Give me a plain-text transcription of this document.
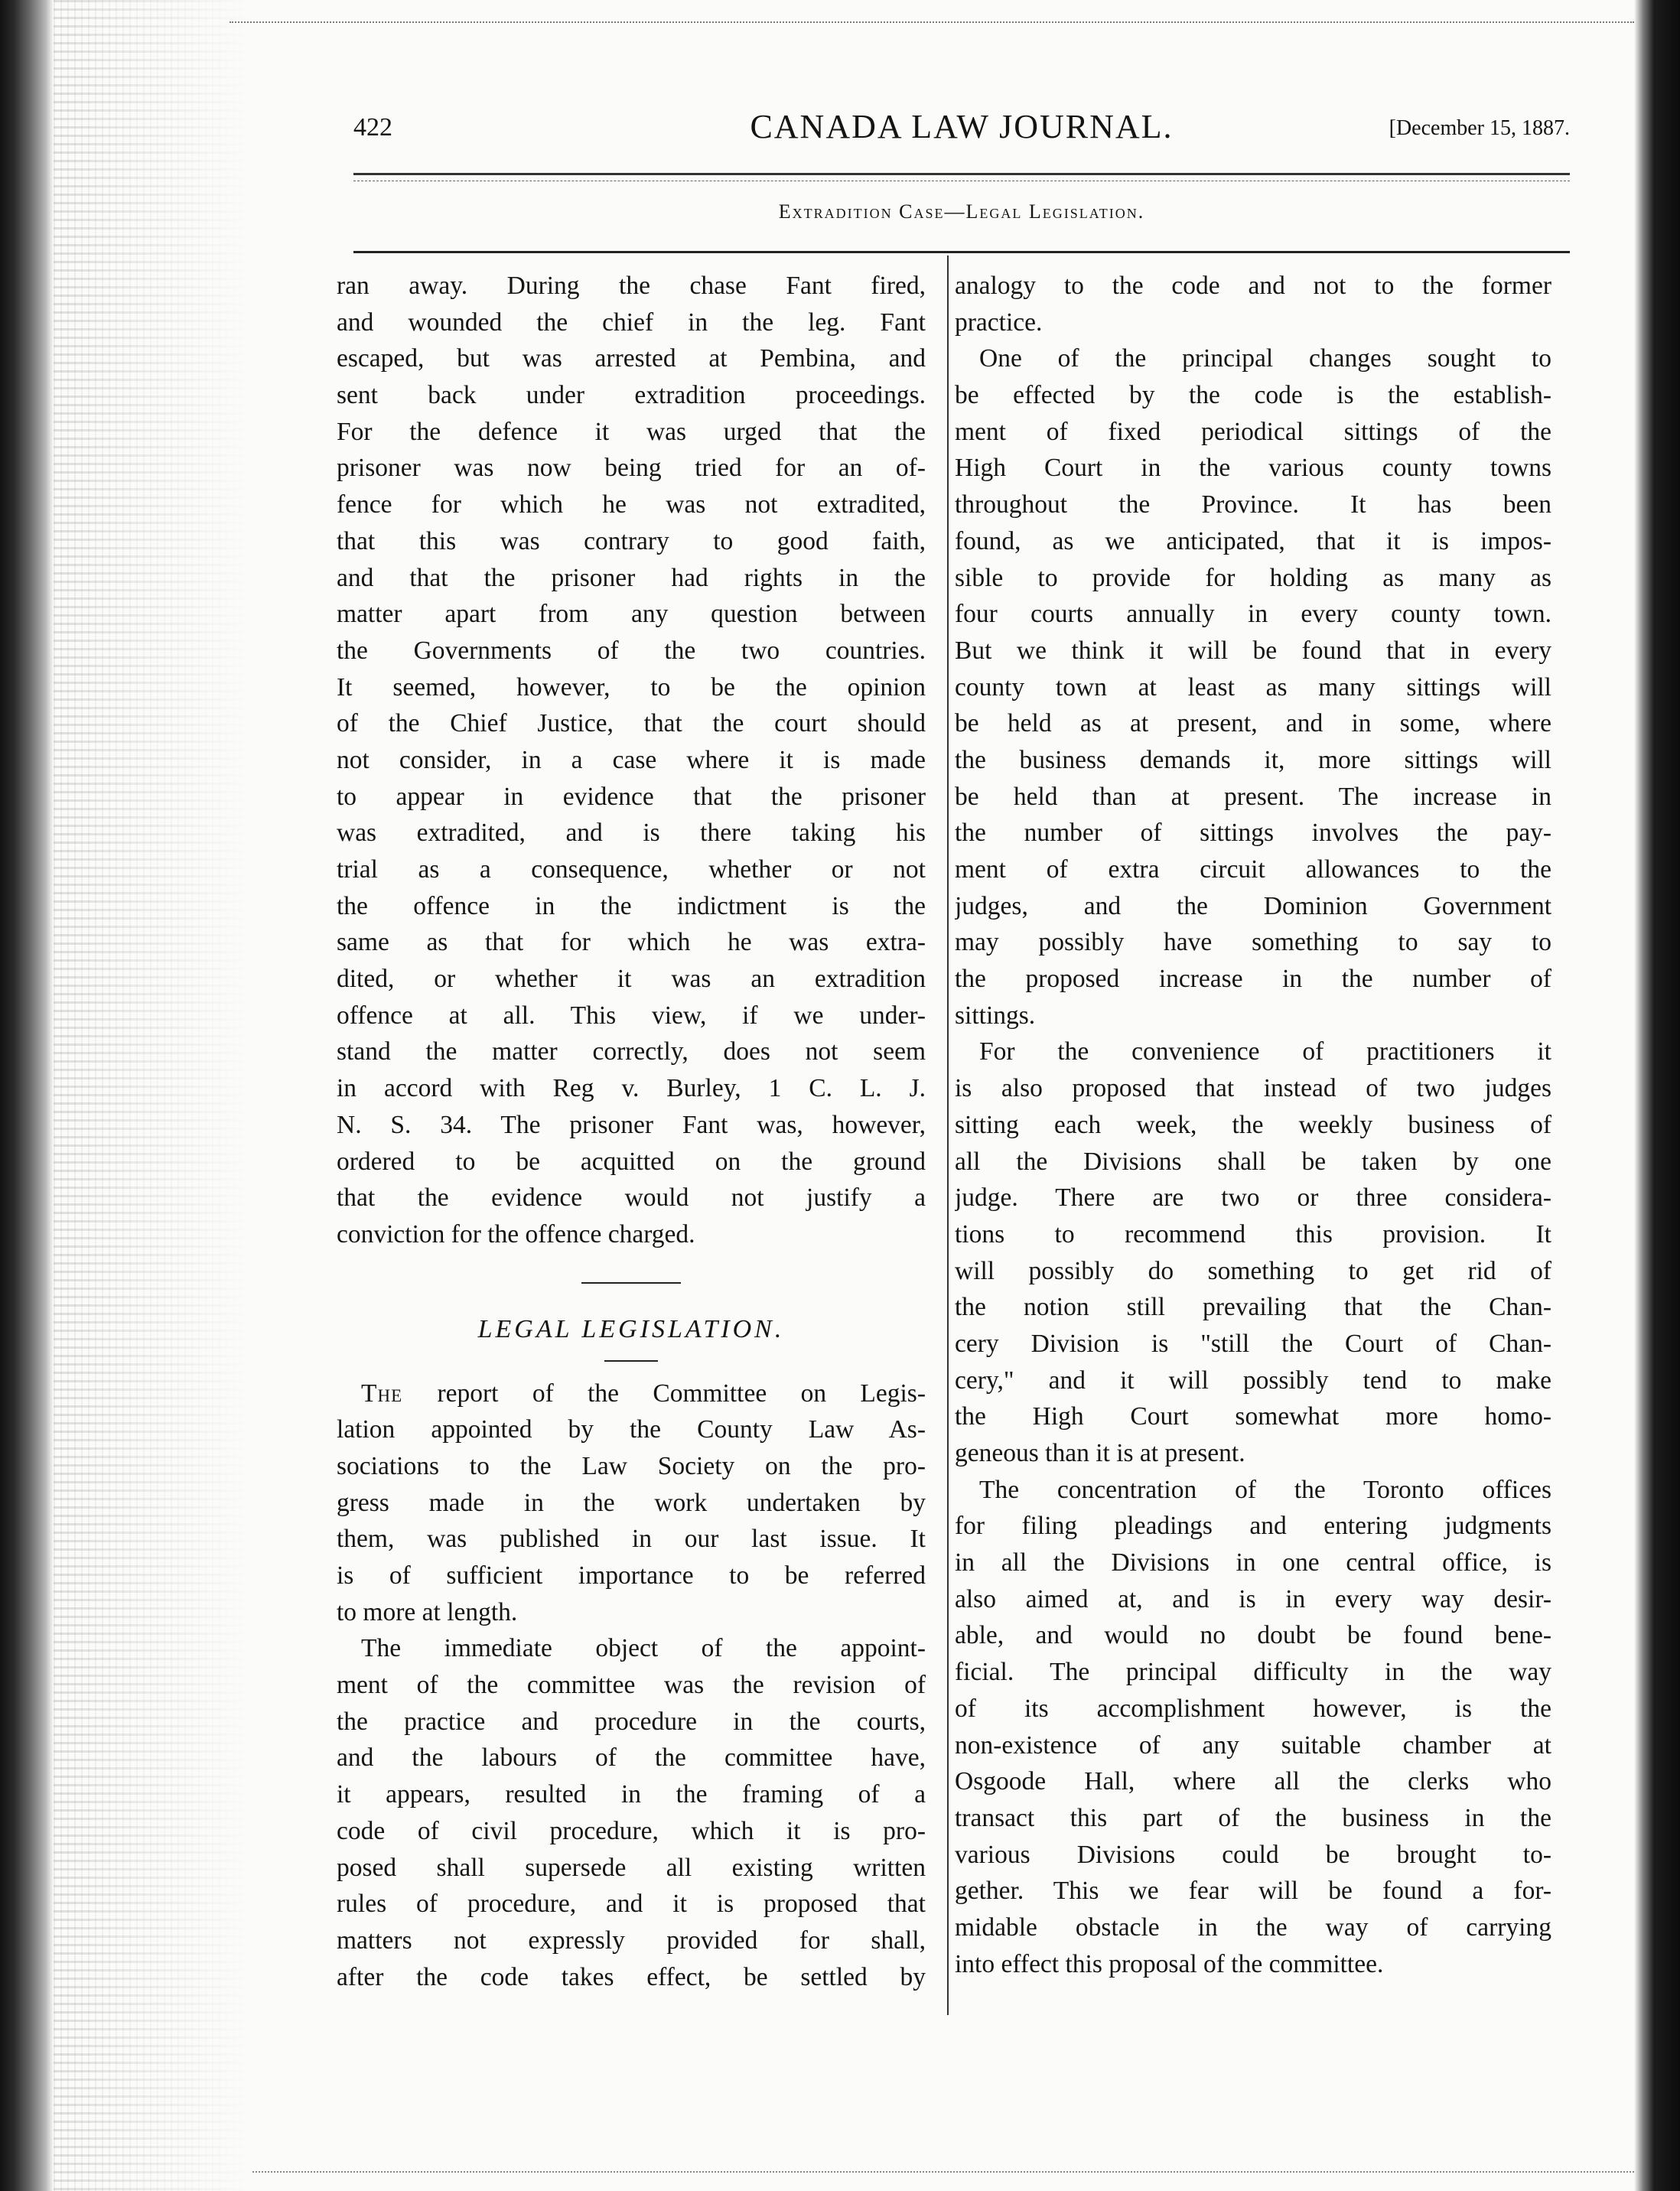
422	CANADA LAW JOURNAL.	[December 15, 1887.
Extradition Case—Legal Legislation.
ran away. During the chase Fant fired,
and wounded the chief in the leg. Fant
escaped, but was arrested at Pembina, and
sent back under extradition proceedings.
For the defence it was urged that the
prisoner was now being tried for an of-
fence for which he was not extradited,
that this was contrary to good faith,
and that the prisoner had rights in the
matter apart from any question between
the Governments of the two countries.
It seemed, however, to be the opinion
of the Chief Justice, that the court should
not consider, in a case where it is made
to appear in evidence that the prisoner
was extradited, and is there taking his
trial as a consequence, whether or not
the offence in the indictment is the
same as that for which he was extra-
dited, or whether it was an extradition
offence at all. This view, if we under-
stand the matter correctly, does not seem
in accord with Reg v. Burley, 1 C. L. J.
N. S. 34. The prisoner Fant was, however,
ordered to be acquitted on the ground
that the evidence would not justify a
conviction for the offence charged.
LEGAL LEGISLATION.
The report of the Committee on Legis-
lation appointed by the County Law As-
sociations to the Law Society on the pro-
gress made in the work undertaken by
them, was published in our last issue. It
is of sufficient importance to be referred
to more at length.
The immediate object of the appoint-
ment of the committee was the revision of
the practice and procedure in the courts,
and the labours of the committee have,
it appears, resulted in the framing of a
code of civil procedure, which it is pro-
posed shall supersede all existing written
rules of procedure, and it is proposed that
matters not expressly provided for shall,
after the code takes effect, be settled by
analogy to the code and not to the former
practice.
One of the principal changes sought to
be effected by the code is the establish-
ment of fixed periodical sittings of the
High Court in the various county towns
throughout the Province. It has been
found, as we anticipated, that it is impos-
sible to provide for holding as many as
four courts annually in every county town.
But we think it will be found that in every
county town at least as many sittings will
be held as at present, and in some, where
the business demands it, more sittings will
be held than at present. The increase in
the number of sittings involves the pay-
ment of extra circuit allowances to the
judges, and the Dominion Government
may possibly have something to say to
the proposed increase in the number of
sittings.
For the convenience of practitioners it
is also proposed that instead of two judges
sitting each week, the weekly business of
all the Divisions shall be taken by one
judge. There are two or three considera-
tions to recommend this provision. It
will possibly do something to get rid of
the notion still prevailing that the Chan-
cery Division is "still the Court of Chan-
cery," and it will possibly tend to make
the High Court somewhat more homo-
geneous than it is at present.
The concentration of the Toronto offices
for filing pleadings and entering judgments
in all the Divisions in one central office, is
also aimed at, and is in every way desir-
able, and would no doubt be found bene-
ficial. The principal difficulty in the way
of its accomplishment however, is the
non-existence of any suitable chamber at
Osgoode Hall, where all the clerks who
transact this part of the business in the
various Divisions could be brought to-
gether. This we fear will be found a for-
midable obstacle in the way of carrying
into effect this proposal of the committee.
